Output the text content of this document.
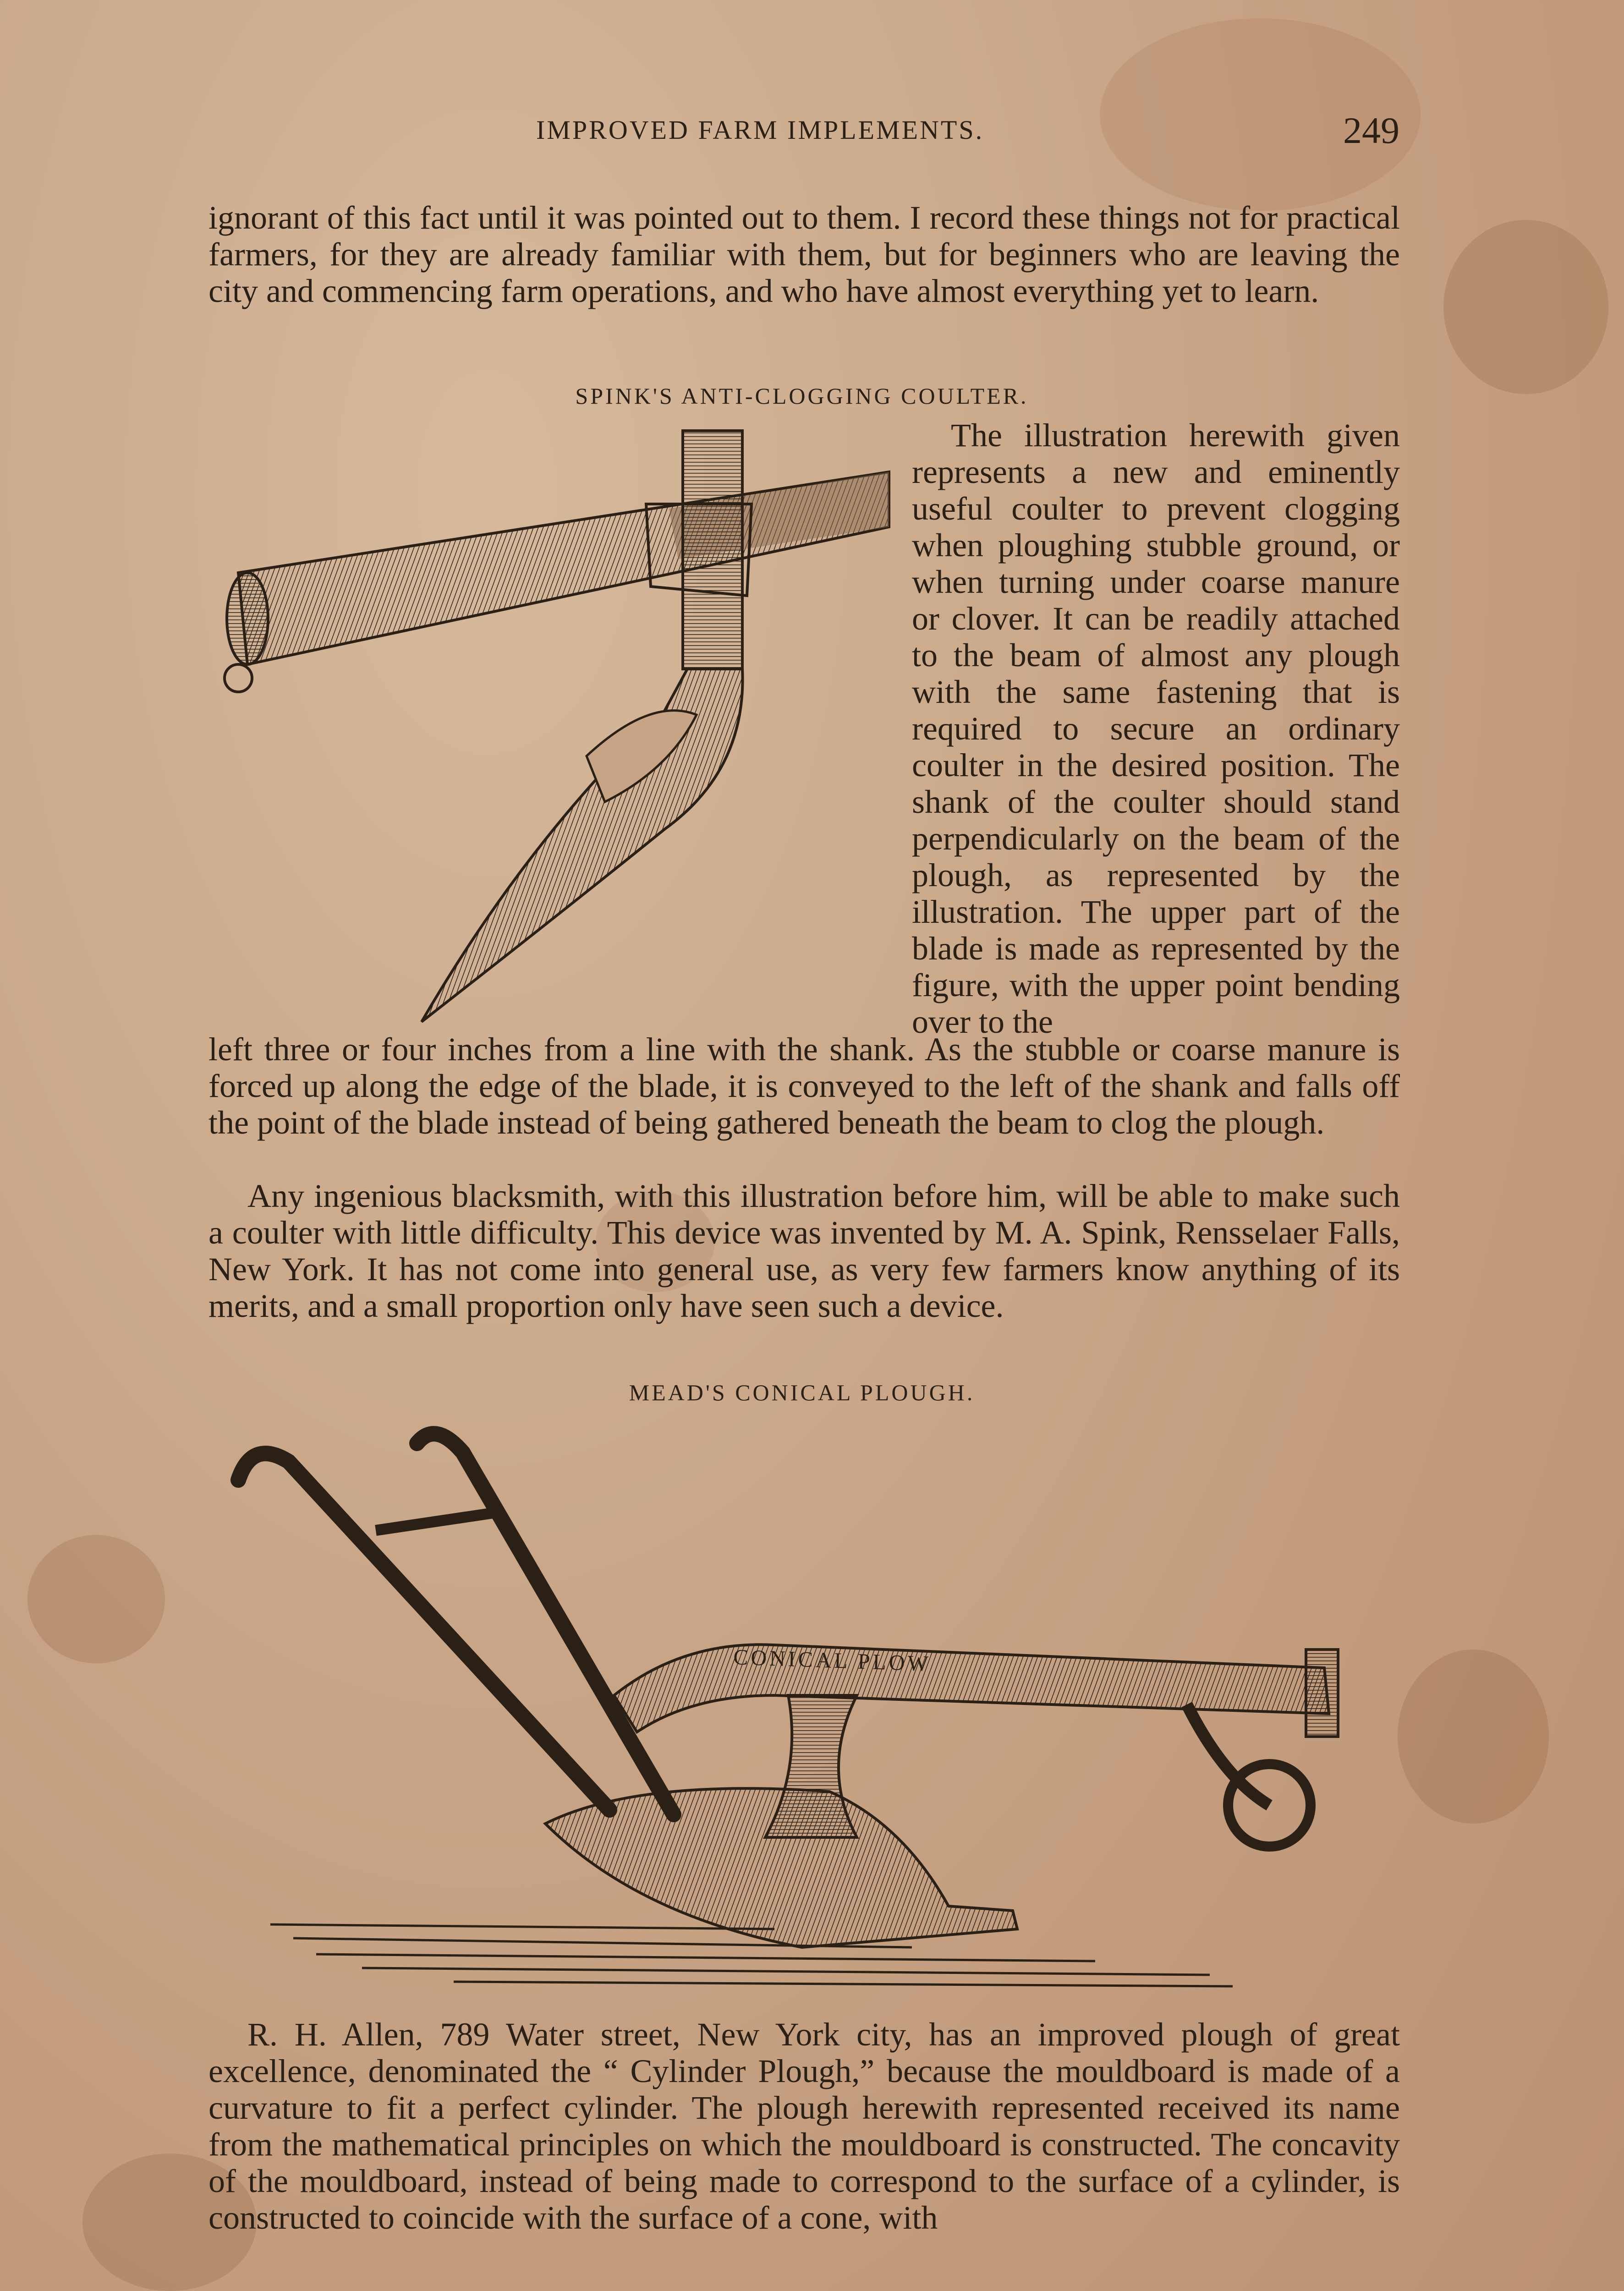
IMPROVED FARM IMPLEMENTS.	249

ignorant of this fact until it was pointed out to them. I record these things not for practical farmers, for they are already familiar with them, but for beginners who are leaving the city and commencing farm operations, and who have almost everything yet to learn.

SPINK'S ANTI-CLOGGING COULTER.

The illustration herewith given represents a new and eminently useful coulter to prevent clogging when ploughing stubble ground, or when turning under coarse manure or clover. It can be readily attached to the beam of almost any plough with the same fastening that is required to secure an ordinary coulter in the desired position. The shank of the coulter should stand perpendicularly on the beam of the plough, as represented by the illustration. The upper part of the blade is made as represented by the figure, with the upper point bending over to the

left three or four inches from a line with the shank. As the stubble or coarse manure is forced up along the edge of the blade, it is conveyed to the left of the shank and falls off the point of the blade instead of being gathered beneath the beam to clog the plough.

Any ingenious blacksmith, with this illustration before him, will be able to make such a coulter with little difficulty. This device was invented by M. A. Spink, Rensselaer Falls, New York. It has not come into general use, as very few farmers know anything of its merits, and a small proportion only have seen such a device.

MEAD'S CONICAL PLOUGH.
CONICAL PLOW

R. H. Allen, 789 Water street, New York city, has an improved plough of great excellence, denominated the “ Cylinder Plough,” because the mouldboard is made of a curvature to fit a perfect cylinder. The plough herewith represented received its name from the mathematical principles on which the mouldboard is constructed. The concavity of the mouldboard, instead of being made to correspond to the surface of a cylinder, is constructed to coincide with the surface of a cone, with
